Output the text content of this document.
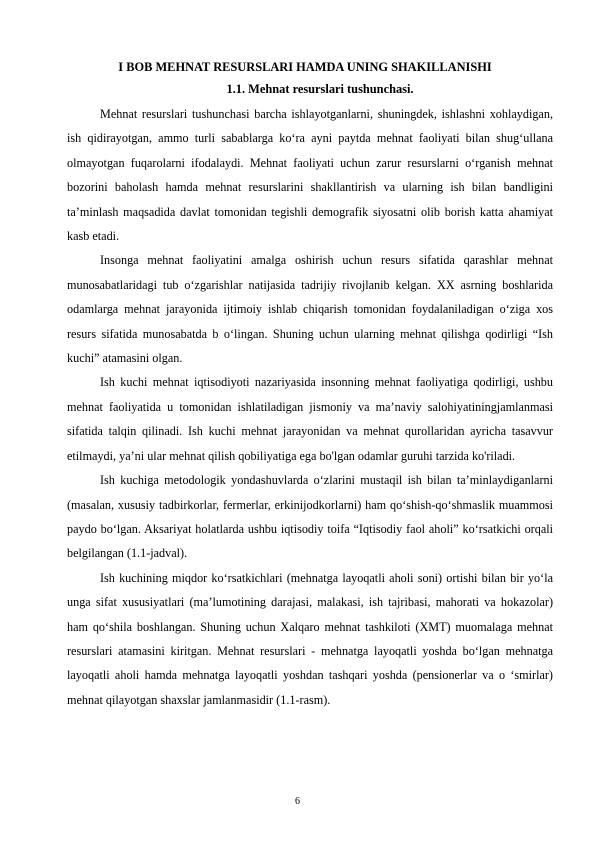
I BOB MEHNAT RESURSLARI HAMDA UNING SHAKILLANISHI
1.1. Mehnat resurslari tushunchasi.

Mehnat resurslari tushunchasi barcha ishlayotganlarni, shuningdek, ishlashni xohlaydigan, ish qidirayotgan, ammo turli sabablarga ko‘ra ayni paytda mehnat faoliyati bilan shug‘ullana olmayotgan fuqarolarni ifodalaydi. Mehnat faoliyati uchun zarur resurslarni o‘rganish mehnat bozorini baholash hamda mehnat resurslarini shakllantirish va ularning ish bilan bandligini ta’minlash maqsadida davlat tomonidan tegishli demografik siyosatni olib borish katta ahamiyat kasb etadi.

Insonga mehnat faoliyatini amalga oshirish uchun resurs sifatida qarashlar mehnat munosabatlaridagi tub o‘zgarishlar natijasida tadrijiy rivojlanib kelgan. XX asrning boshlarida odamlarga mehnat jarayonida ijtimoiy ishlab chiqarish tomonidan foydalaniladigan o‘ziga xos resurs sifatida munosabatda b o‘lingan. Shuning uchun ularning mehnat qilishga qodirligi “Ish kuchi” atamasini olgan.

Ish kuchi mehnat iqtisodiyoti nazariyasida insonning mehnat faoliyatiga qodirligi, ushbu mehnat faoliyatida u tomonidan ishlatiladigan jismoniy va ma’naviy salohiyatiningjamlanmasi sifatida talqin qilinadi. Ish kuchi mehnat jarayonidan va mehnat qurollaridan ayricha tasavvur etilmaydi, ya’ni ular mehnat qilish qobiliyatiga ega bo'lgan odamlar guruhi tarzida ko'riladi.

Ish kuchiga metodologik yondashuvlarda o‘zlarini mustaqil ish bilan ta’minlaydiganlarni (masalan, xususiy tadbirkorlar, fermerlar, erkinijodkorlarni) ham qo‘shish-qo‘shmaslik muammosi paydo bo‘lgan. Aksariyat holatlarda ushbu iqtisodiy toifa “Iqtisodiy faol aholi” ko‘rsatkichi orqali belgilangan (1.1-jadval).

Ish kuchining miqdor ko‘rsatkichlari (mehnatga layoqatli aholi soni) ortishi bilan bir yo‘la unga sifat xususiyatlari (ma’lumotining darajasi, malakasi, ish tajribasi, mahorati va hokazolar) ham qo‘shila boshlangan. Shuning uchun Xalqaro mehnat tashkiloti (XMT) muomalaga mehnat resurslari atamasini kiritgan. Mehnat resurslari - mehnatga layoqatli yoshda bo‘lgan mehnatga layoqatli aholi hamda mehnatga layoqatli yoshdan tashqari yoshda (pensionerlar va o ‘smirlar) mehnat qilayotgan shaxslar jamlanmasidir (1.1-rasm).

6
